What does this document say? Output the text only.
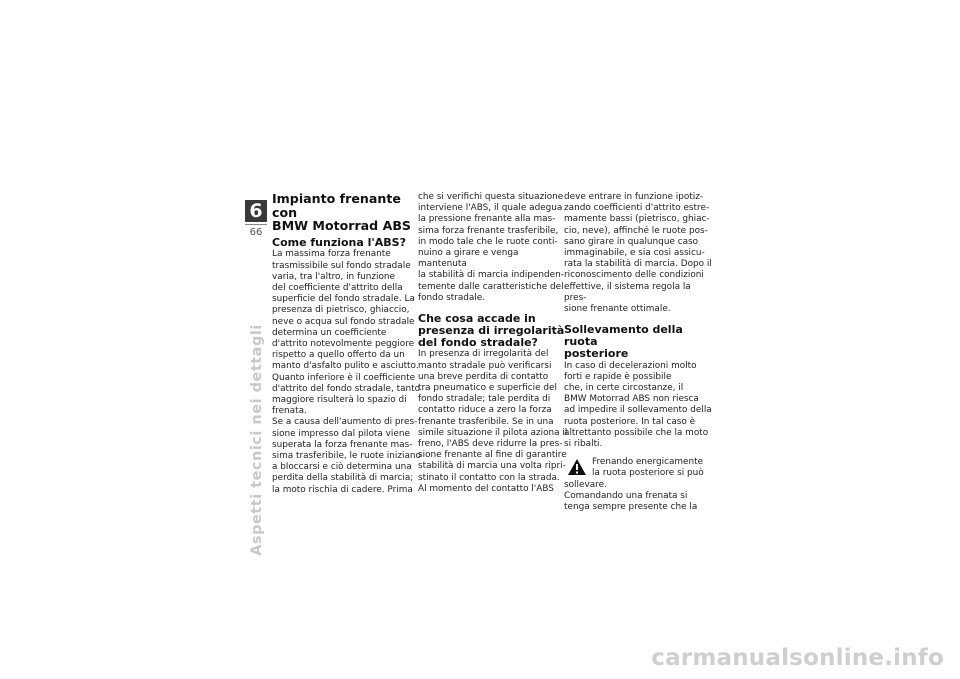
6
66
Aspetti tecnici nei dettagli

Impianto frenante con
BMW Motorrad ABS

Come funziona l'ABS?

La massima forza frenante
trasmissibile sul fondo stradale
varia, tra l'altro, in funzione
del coefficiente d'attrito della
superficie del fondo stradale. La
presenza di pietrisco, ghiaccio,
neve o acqua sul fondo stradale
determina un coefficiente
d'attrito notevolmente peggiore
rispetto a quello offerto da un
manto d'asfalto pulito e asciutto.
Quanto inferiore è il coefficiente
d'attrito del fondo stradale, tanto
maggiore risulterà lo spazio di
frenata.

Se a causa dell'aumento di pres-
sione impresso dal pilota viene
superata la forza frenante mas-
sima trasferibile, le ruote iniziano
a bloccarsi e ciò determina una
perdita della stabilità di marcia;
la moto rischia di cadere. Prima

che si verifichi questa situazione
interviene l'ABS, il quale adegua
la pressione frenante alla mas-
sima forza frenante trasferibile,
in modo tale che le ruote conti-
nuino a girare e venga mantenuta
la stabilità di marcia indipenden-
temente dalle caratteristiche del
fondo stradale.

Che cosa accade in
presenza di irregolarità
del fondo stradale?

In presenza di irregolarità del
manto stradale può verificarsi
una breve perdita di contatto
tra pneumatico e superficie del
fondo stradale; tale perdita di
contatto riduce a zero la forza
frenante trasferibile. Se in una
simile situazione il pilota aziona il
freno, l'ABS deve ridurre la pres-
sione frenante al fine di garantire
stabilità di marcia una volta ripri-
stinato il contatto con la strada.
Al momento del contatto l'ABS

deve entrare in funzione ipotiz-
zando coefficienti d'attrito estre-
mamente bassi (pietrisco, ghiac-
cio, neve), affinché le ruote pos-
sano girare in qualunque caso
immaginabile, e sia così assicu-
rata la stabilità di marcia. Dopo il
riconoscimento delle condizioni
effettive, il sistema regola la pres-
sione frenante ottimale.

Sollevamento della ruota
posteriore

In caso di decelerazioni molto
forti e rapide è possibile
che, in certe circostanze, il
BMW Motorrad ABS non riesca
ad impedire il sollevamento della
ruota posteriore. In tal caso è
altrettanto possibile che la moto
si ribalti.

Frenando energicamente
la ruota posteriore si può
sollevare.

Comandando una frenata si
tenga sempre presente che la

carmanualsonline.info
